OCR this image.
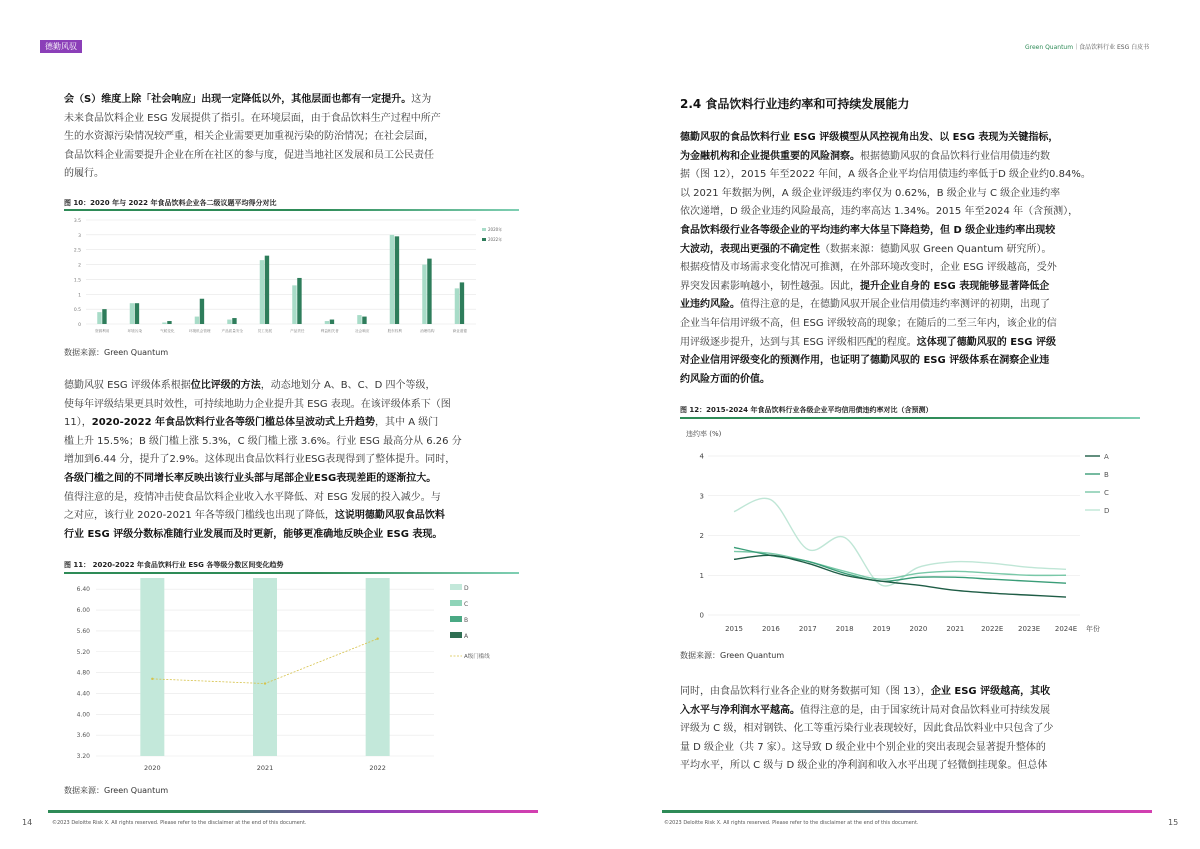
德勤风驭

会（S）维度上除「社会响应」出现一定降低以外，其他层面也都有一定提升。这为

未来食品饮料企业 ESG 发展提供了指引。在环境层面，由于食品饮料生产过程中所产

生的水资源污染情况较严重，相关企业需要更加重视污染的防治情况；在社会层面，

食品饮料企业需要提升企业在所在社区的参与度，促进当地社区发展和员工公民责任

的履行。

图 10：2020 年与 2022 年食品饮料企业各二级议题平均得分对比
0
0.5
1
1.5
2
2.5
3
3.5
资源利用	环境污染	气候变化	环境机会管理	产品质量安全	员工发展	产品责任	利益相关者	社会响应	股东权利	治理结构	商业道德
2020年
2022年
数据来源：Green Quantum

德勤风驭 ESG 评级体系根据位比评级的方法，动态地划分 A、B、C、D 四个等级，

使每年评级结果更具时效性，可持续地助力企业提升其 ESG 表现。在该评级体系下（图

11），2020-2022 年食品饮料行业各等级门槛总体呈波动式上升趋势，其中 A 级门

槛上升 15.5%；B 级门槛上涨 5.3%，C 级门槛上涨 3.6%。行业 ESG 最高分从 6.26 分

增加到6.44 分，提升了2.9%。这体现出食品饮料行业ESG表现得到了整体提升。同时，

各级门槛之间的不同增长率反映出该行业头部与尾部企业ESG表现差距的逐渐拉大。

值得注意的是，疫情冲击使食品饮料企业收入水平降低、对 ESG 发展的投入减少。与

之对应，该行业 2020-2021 年各等级门槛线也出现了降低，这说明德勤风驭食品饮料

行业 ESG 评级分数标准随行业发展而及时更新，能够更准确地反映企业 ESG 表现。

图 11： 2020-2022 年食品饮料行业 ESG 各等级分数区间变化趋势
3.20
3.60
4.00
4.40
4.80
5.20
5.60
6.00
6.40
2020	2021	2022
D
C
B
A
A级门槛线
数据来源：Green Quantum
14	©2023 Deloitte Risk X. All rights reserved. Please refer to the disclaimer at the end of this document.
Green Quantum｜食品饮料行业 ESG 白皮书
2.4 食品饮料行业违约率和可持续发展能力

德勤风驭的食品饮料行业 ESG 评级模型从风控视角出发、以 ESG 表现为关键指标，

为金融机构和企业提供重要的风险洞察。根据德勤风驭的食品饮料行业信用债违约数

据（图 12），2015 年至2022 年间，A 级各企业平均信用债违约率低于D 级企业约0.84%。

以 2021 年数据为例，A 级企业评级违约率仅为 0.62%，B 级企业与 C 级企业违约率

依次递增，D 级企业违约风险最高，违约率高达 1.34%。2015 年至2024 年（含预测），

食品饮料级行业各等级企业的平均违约率大体呈下降趋势，但 D 级企业违约率出现较

大波动，表现出更强的不确定性（数据来源：德勤风驭 Green Quantum 研究所）。

根据疫情及市场需求变化情况可推测，在外部环境改变时，企业 ESG 评级越高，受外

界突发因素影响越小，韧性越强。因此，提升企业自身的 ESG 表现能够显著降低企

业违约风险。值得注意的是，在德勤风驭开展企业信用债违约率测评的初期，出现了

企业当年信用评级不高，但 ESG 评级较高的现象；在随后的二至三年内，该企业的信

用评级逐步提升，达到与其 ESG 评级相匹配的程度。这体现了德勤风驭的 ESG 评级

对企业信用评级变化的预测作用，也证明了德勤风驭的 ESG 评级体系在洞察企业违

约风险方面的价值。

图 12：2015-2024 年食品饮料行业各级企业平均信用债违约率对比（含预测）
违约率 (%)
0
1
2
3
4
2015	2016	2017	2018	2019	2020	2021 2022E 2023E 2024E 年份
A
B
C
D
数据来源：Green Quantum

同时，由食品饮料行业各企业的财务数据可知（图 13），企业 ESG 评级越高，其收

入水平与净利润水平越高。值得注意的是，由于国家统计局对食品饮料业可持续发展

评级为 C 级，相对钢铁、化工等重污染行业表现较好，因此食品饮料业中只包含了少

量 D 级企业（共 7 家）。这导致 D 级企业中个别企业的突出表现会显著提升整体的

平均水平，所以 C 级与 D 级企业的净利润和收入水平出现了轻微倒挂现象。但总体

©2023 Deloitte Risk X. All rights reserved. Please refer to the disclaimer at the end of this document.	15
